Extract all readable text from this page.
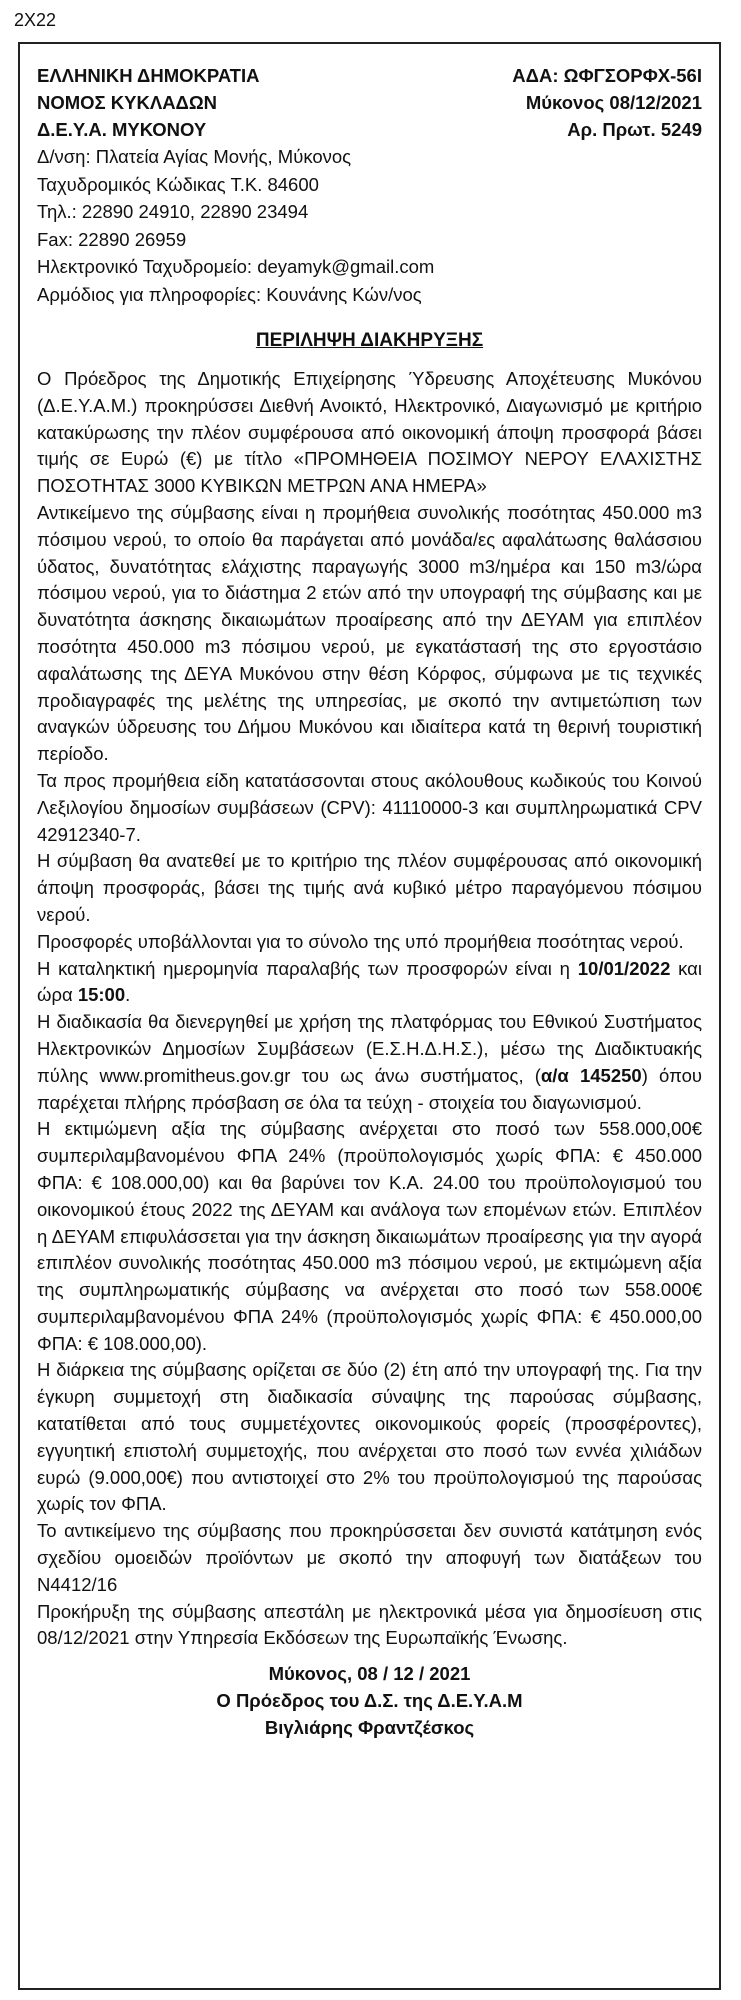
2X22
ΕΛΛΗΝΙΚΗ ΔΗΜΟΚΡΑΤΙΑ	ΑΔΑ: ΩΦΓΣΟΡΦΧ-56Ι
ΝΟΜΟΣ ΚΥΚΛΑΔΩΝ	Μύκονος 08/12/2021
Δ.Ε.Υ.Α. ΜΥΚΟΝΟΥ	Αρ. Πρωτ. 5249
Δ/νση: Πλατεία Αγίας Μονής, Μύκονος
Ταχυδρομικός Κώδικας Τ.Κ. 84600
Τηλ.: 22890 24910, 22890 23494
Fax: 22890 26959
Ηλεκτρονικό Ταχυδρομείο: deyamyk@gmail.com
Αρμόδιος για πληροφορίες: Κουνάνης Κών/νος
ΠΕΡΙΛΗΨΗ ΔΙΑΚΗΡΥΞΗΣ

Ο Πρόεδρος της Δημοτικής Επιχείρησης Ύδρευσης Αποχέτευσης Μυκόνου (Δ.Ε.Υ.Α.Μ.) προκηρύσσει Διεθνή Ανοικτό, Ηλεκτρονικό, Διαγωνισμό με κριτήριο κατακύρωσης την πλέον συμφέρουσα από οικονομική άποψη προσφορά βάσει τιμής σε Ευρώ (€) με τίτλο «ΠΡΟΜΗΘΕΙΑ ΠΟΣΙΜΟΥ ΝΕΡΟΥ ΕΛΑΧΙΣΤΗΣ ΠΟΣΟΤΗΤΑΣ 3000 ΚΥΒΙΚΩΝ ΜΕΤΡΩΝ ΑΝΑ ΗΜΕΡΑ»

Αντικείμενο της σύμβασης είναι η προμήθεια συνολικής ποσότητας 450.000 m3 πόσιμου νερού, το οποίο θα παράγεται από μονάδα/ες αφαλάτωσης θαλάσσιου ύδατος, δυνατότητας ελάχιστης παραγωγής 3000 m3/ημέρα και 150 m3/ώρα πόσιμου νερού, για το διάστημα 2 ετών από την υπογραφή της σύμβασης και με δυνατότητα άσκησης δικαιωμάτων προαίρεσης από την ΔΕΥΑΜ για επιπλέον ποσότητα 450.000 m3 πόσιμου νερού, με εγκατάστασή της στο εργοστάσιο αφαλάτωσης της ΔΕΥΑ Μυκόνου στην θέση Κόρφος, σύμφωνα με τις τεχνικές προδιαγραφές της μελέτης της υπηρεσίας, με σκοπό την αντιμετώπιση των αναγκών ύδρευσης του Δήμου Μυκόνου και ιδιαίτερα κατά τη θερινή τουριστική περίοδο.

Τα προς προμήθεια είδη κατατάσσονται στους ακόλουθους κωδικούς του Κοινού Λεξιλογίου δημοσίων συμβάσεων (CPV): 41110000-3 και συμπληρωματικά CPV 42912340-7.

Η σύμβαση θα ανατεθεί με το κριτήριο της πλέον συμφέρουσας από οικονομική άποψη προσφοράς, βάσει της τιμής ανά κυβικό μέτρο παραγόμενου πόσιμου νερού.

Προσφορές υποβάλλονται για το σύνολο της υπό προμήθεια ποσότητας νερού.

Η καταληκτική ημερομηνία παραλαβής των προσφορών είναι η 10/01/2022 και ώρα 15:00.

Η διαδικασία θα διενεργηθεί με χρήση της πλατφόρμας του Εθνικού Συστήματος Ηλεκτρονικών Δημοσίων Συμβάσεων (Ε.Σ.Η.Δ.Η.Σ.), μέσω της Διαδικτυακής πύλης www.promitheus.gov.gr του ως άνω συστήματος, (α/α 145250) όπου παρέχεται πλήρης πρόσβαση σε όλα τα τεύχη - στοιχεία του διαγωνισμού.

Η εκτιμώμενη αξία της σύμβασης ανέρχεται στο ποσό των 558.000,00€ συμπεριλαμβανομένου ΦΠΑ 24% (προϋπολογισμός χωρίς ΦΠΑ: € 450.000 ΦΠΑ: € 108.000,00) και θα βαρύνει τον Κ.Α. 24.00 του προϋπολογισμού του οικονομικού έτους 2022 της ΔΕΥΑΜ και ανάλογα των επομένων ετών. Επιπλέον η ΔΕΥΑΜ επιφυλάσσεται για την άσκηση δικαιωμάτων προαίρεσης για την αγορά επιπλέον συνολικής ποσότητας 450.000 m3 πόσιμου νερού, με εκτιμώμενη αξία της συμπληρωματικής σύμβασης να ανέρχεται στο ποσό των 558.000€ συμπεριλαμβανομένου ΦΠΑ 24% (προϋπολογισμός χωρίς ΦΠΑ: € 450.000,00 ΦΠΑ: € 108.000,00).

Η διάρκεια της σύμβασης ορίζεται σε δύο (2) έτη από την υπογραφή της. Για την έγκυρη συμμετοχή στη διαδικασία σύναψης της παρούσας σύμβασης, κατατίθεται από τους συμμετέχοντες οικονομικούς φορείς (προσφέροντες), εγγυητική επιστολή συμμετοχής, που ανέρχεται στο ποσό των εννέα χιλιάδων ευρώ (9.000,00€) που αντιστοιχεί στο 2% του προϋπολογισμού της παρούσας χωρίς τον ΦΠΑ.

Το αντικείμενο της σύμβασης που προκηρύσσεται δεν συνιστά κατάτμηση ενός σχεδίου ομοειδών προϊόντων με σκοπό την αποφυγή των διατάξεων του Ν4412/16

Προκήρυξη της σύμβασης απεστάλη με ηλεκτρονικά μέσα για δημοσίευση στις 08/12/2021 στην Υπηρεσία Εκδόσεων της Ευρωπαϊκής Ένωσης.

Μύκονος, 08 / 12 / 2021
Ο Πρόεδρος του Δ.Σ. της Δ.Ε.Υ.Α.Μ
Βιγλιάρης Φραντζέσκος
